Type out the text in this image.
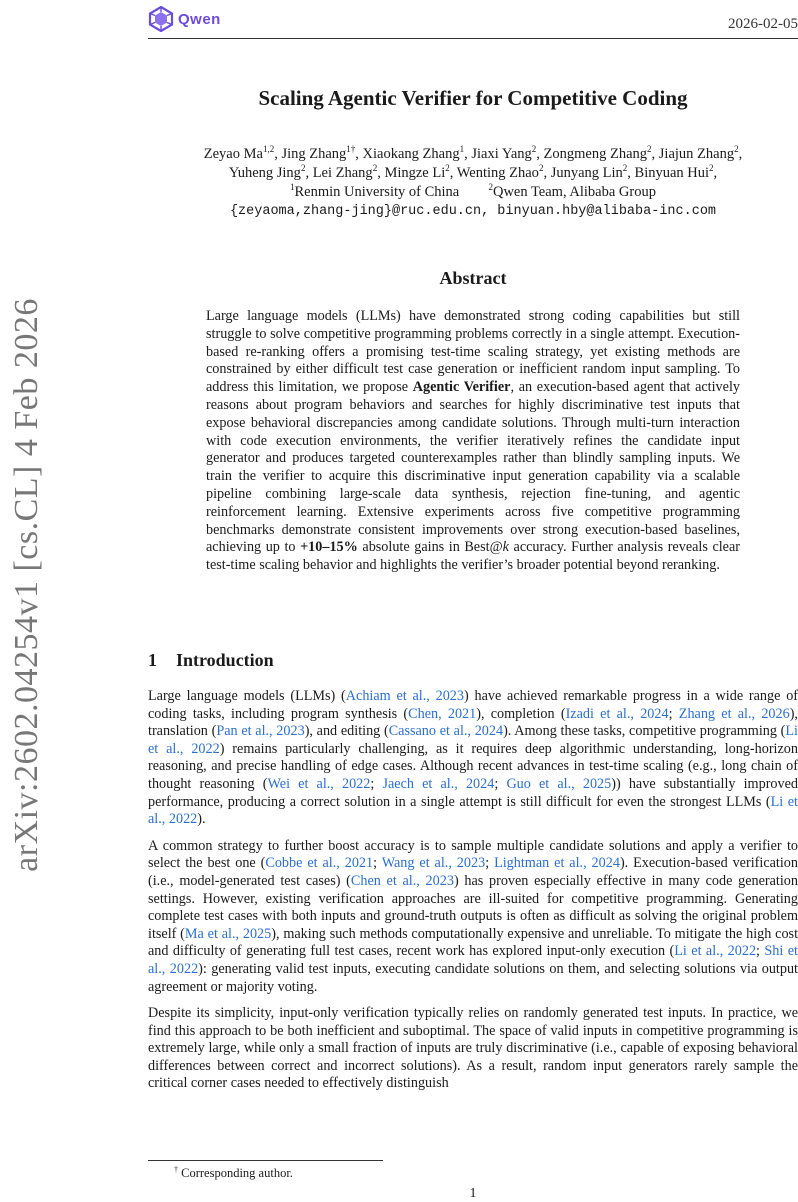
Qwen	2026-02-05
arXiv:2602.04254v1 [cs.CL] 4 Feb 2026
Scaling Agentic Verifier for Competitive Coding
Zeyao Ma$^{1,2}$, Jing Zhang$^{1\dagger}$, Xiaokang Zhang$^1$, Jiaxi Yang$^2$, Zongmeng Zhang$^2$, Jiajun Zhang$^2$,
Yuheng Jing$^2$, Lei Zhang$^2$, Mingze Li$^2$, Wenting Zhao$^2$, Junyang Lin$^2$, Binyuan Hui$^2$,
$^1$Renmin University of China	$^2$Qwen Team, Alibaba Group
{zeyaoma,zhang-jing}@ruc.edu.cn, binyuan.hby@alibaba-inc.com
Abstract
Large language models (LLMs) have demonstrated strong coding capabilities but still struggle to solve competitive programming problems correctly in a single attempt. Execution-based re-ranking offers a promising test-time scaling strategy, yet existing methods are constrained by either difficult test case generation or inefficient random input sampling. To address this limitation, we propose Agentic Verifier, an execution-based agent that actively reasons about program behaviors and searches for highly discriminative test inputs that expose behavioral discrepancies among candidate solutions. Through multi-turn interaction with code execution environments, the verifier iteratively refines the candidate input generator and produces targeted counterexamples rather than blindly sampling inputs. We train the verifier to acquire this discriminative input generation capability via a scalable pipeline combining large-scale data synthesis, rejection fine-tuning, and agentic reinforcement learning. Extensive experiments across five competitive programming benchmarks demonstrate consistent improvements over strong execution-based baselines, achieving up to +10–15% absolute gains in Best@k accuracy. Further analysis reveals clear test-time scaling behavior and highlights the verifier’s broader potential beyond reranking.
1 Introduction

Large language models (LLMs) (Achiam et al., 2023) have achieved remarkable progress in a wide range of coding tasks, including program synthesis (Chen, 2021), completion (Izadi et al., 2024; Zhang et al., 2026), translation (Pan et al., 2023), and editing (Cassano et al., 2024). Among these tasks, competitive programming (Li et al., 2022) remains particularly challenging, as it requires deep algorithmic understanding, long-horizon reasoning, and precise handling of edge cases. Although recent advances in test-time scaling (e.g., long chain of thought reasoning (Wei et al., 2022; Jaech et al., 2024; Guo et al., 2025)) have substantially improved performance, producing a correct solution in a single attempt is still difficult for even the strongest LLMs (Li et al., 2022).

A common strategy to further boost accuracy is to sample multiple candidate solutions and apply a verifier to select the best one (Cobbe et al., 2021; Wang et al., 2023; Lightman et al., 2024). Execution-based verification (i.e., model-generated test cases) (Chen et al., 2023) has proven especially effective in many code generation settings. However, existing verification approaches are ill-suited for competitive programming. Generating complete test cases with both inputs and ground-truth outputs is often as difficult as solving the original problem itself (Ma et al., 2025), making such methods computationally expensive and unreliable. To mitigate the high cost and difficulty of generating full test cases, recent work has explored input-only execution (Li et al., 2022; Shi et al., 2022): generating valid test inputs, executing candidate solutions on them, and selecting solutions via output agreement or majority voting.

Despite its simplicity, input-only verification typically relies on randomly generated test inputs. In practice, we find this approach to be both inefficient and suboptimal. The space of valid inputs in competitive programming is extremely large, while only a small fraction of inputs are truly discriminative (i.e., capable of exposing behavioral differences between correct and incorrect solutions). As a result, random input generators rarely sample the critical corner cases needed to effectively distinguish

† Corresponding author.
1
